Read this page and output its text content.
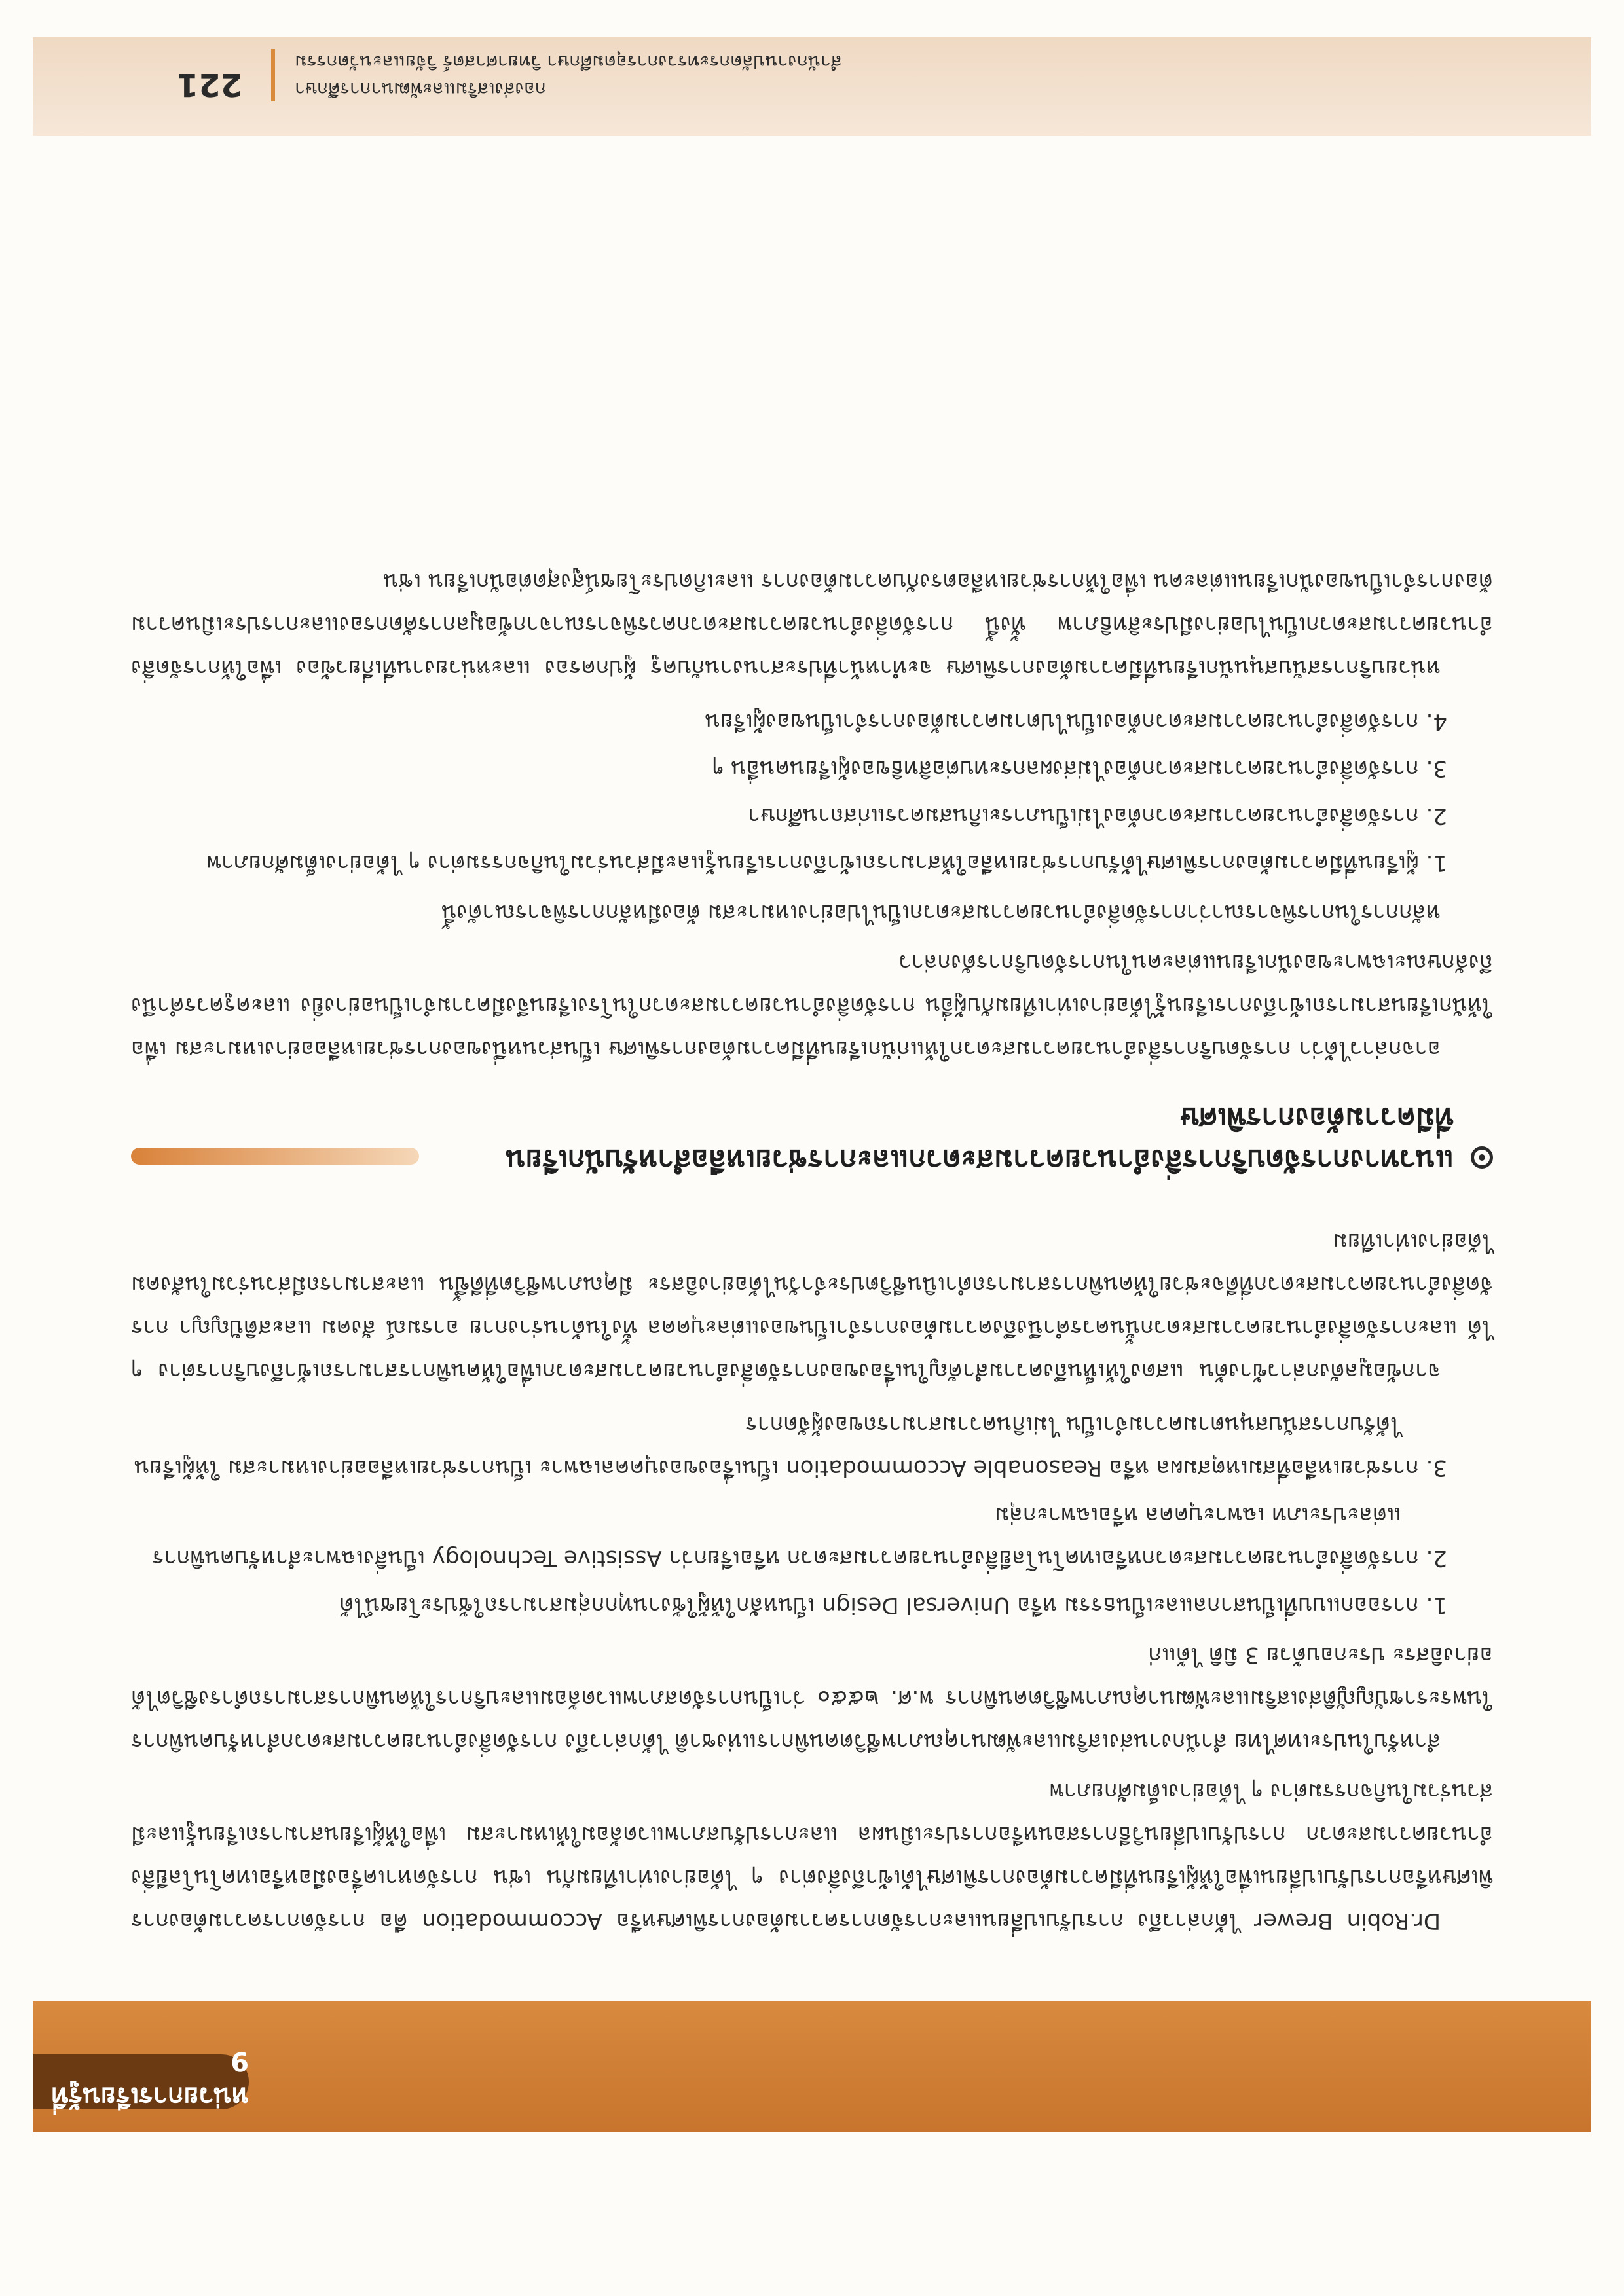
หน่วยการเรียนรู้ที่ 9

Dr.Robin Brewer ได้กล่าวถึง การปรับเปลี่ยนและการจัดการความต้องการพิเศษหรือ Accommodation คือ การจัดการความต้องการพิเศษหรือการปรับเปลี่ยนเพื่อให้ผู้เรียนที่มีความต้องการพิเศษได้เข้าถึงสิ่งต่าง ๆ ได้อย่างเท่าเทียมกัน เช่น การจัดหาเครื่องมือหรือเทคโนโลยีสิ่งอำนวยความสะดวก การปรับเปลี่ยนวิธีการสอนหรือการประเมินผล และการปรับสภาพแวดล้อมให้เหมาะสม เพื่อให้ผู้เรียนสามารถเรียนรู้และมีส่วนร่วมในกิจกรรมต่าง ๆ ได้อย่างเต็มศักยภาพ

สำหรับในประเทศไทย สำนักงานส่งเสริมและพัฒนาคุณภาพชีวิตคนพิการแห่งชาติ ได้กล่าวถึง การจัดสิ่งอำนวยความสะดวกสำหรับคนพิการ ในพระราชบัญญัติส่งเสริมและพัฒนาคุณภาพชีวิตคนพิการ พ.ศ. ๒๕๕๐ ว่าเป็นการจัดสภาพแวดล้อมและบริการให้คนพิการสามารถดำรงชีวิตได้อย่างอิสระ ประกอบด้วย 3 มิติ ได้แก่

1. การออกแบบที่เป็นสากลและเป็นธรรม หรือ Universal Design เป็นหลักให้ผู้ใช้งานทุกกลุ่มสามารถใช้ประโยชน์ได้
2. การจัดสิ่งอำนวยความสะดวกหรือเทคโนโลยีสิ่งอำนวยความสะดวก หรือเรียกว่า Assistive Technology เป็นสิ่งเฉพาะสำหรับคนพิการแต่ละประเภท เฉพาะบุคคล หรือเฉพาะกลุ่ม
3. การช่วยเหลือที่สมเหตุสมผล หรือ Reasonable Accommodation เป็นเรื่องของบุคคลเฉพาะ เป็นการช่วยเหลืออย่างเหมาะสม ให้ผู้เรียนได้รับการสนับสนุนตามความจำเป็น ไม่เกินความสามารถของผู้จัดการ

จากข้อมูลดังกล่าวข้างต้น แสดงให้เห็นถึงความสำคัญในเรื่องของการจัดสิ่งอำนวยความสะดวกเพื่อให้คนพิการสามารถเข้าถึงบริการต่าง ๆ ได้ และการจัดสิ่งอำนวยความสะดวกนั้นควรคำนึงถึงความต้องการจำเป็นของแต่ละบุคคล ทั้งในด้านร่างกาย อารมณ์ สังคม และสติปัญญา การจัดสิ่งอำนวยความสะดวกที่ดีจะช่วยให้คนพิการสามารถดำเนินชีวิตประจำวันได้อย่างอิสระ มีคุณภาพชีวิตที่ดีขึ้น และสามารถมีส่วนร่วมในสังคมได้อย่างเท่าเทียม

แนวทางการจัดบริการสิ่งอำนวยความสะดวกและการช่วยเหลือสำหรับนักเรียนที่มีความต้องการพิเศษ

อาจกล่าวได้ว่า การจัดบริการสิ่งอำนวยความสะดวกให้แก่นักเรียนที่มีความต้องการพิเศษ เป็นส่วนหนึ่งของการช่วยเหลืออย่างเหมาะสม เพื่อให้นักเรียนสามารถเข้าถึงการเรียนรู้ได้อย่างเท่าเทียมกับผู้อื่น การจัดสิ่งอำนวยความสะดวกในโรงเรียนจึงมีความจำเป็นอย่างยิ่ง และครูควรคำนึงถึงลักษณะเฉพาะของนักเรียนแต่ละคนในการจัดบริการดังกล่าว

หลักการในการพิจารณาว่าการจัดสิ่งอำนวยความสะดวกเป็นไปอย่างเหมาะสม ต้องมีหลักการพิจารณาดังนี้

1. ผู้เรียนที่มีความต้องการพิเศษได้รับการช่วยเหลือให้สามารถเข้าถึงการเรียนรู้และมีส่วนร่วมในกิจกรรมต่าง ๆ ได้อย่างเต็มศักยภาพ
2. การจัดสิ่งอำนวยความสะดวกต้องไม่เป็นภาระเกินสมควรแก่สถานศึกษา
3. การจัดสิ่งอำนวยความสะดวกต้องไม่ส่งผลกระทบต่อสิทธิของผู้เรียนคนอื่น ๆ
4. การจัดสิ่งอำนวยความสะดวกต้องเป็นไปตามความต้องการจำเป็นของผู้เรียน

หน่วยบริการสนับสนุนนักเรียนที่มีความต้องการพิเศษ จะทำหน้าที่ประสานงานกับครู ผู้ปกครอง และหน่วยงานที่เกี่ยวข้อง เพื่อให้การจัดสิ่งอำนวยความสะดวกเป็นไปอย่างมีประสิทธิภาพ ทั้งนี้ การจัดสิ่งอำนวยความสะดวกควรพิจารณาจากข้อมูลการคัดกรองและการประเมินความต้องการจำเป็นของนักเรียนแต่ละคน เพื่อให้การช่วยเหลือตรงกับความต้องการ และเกิดประโยชน์สูงสุดต่อนักเรียน เช่น

221	กองส่งเสริมและพัฒนาการศึกษา
สำนักงานปลัดกระทรวงการอุดมศึกษา วิทยาศาสตร์ วิจัยและนวัตกรรม
